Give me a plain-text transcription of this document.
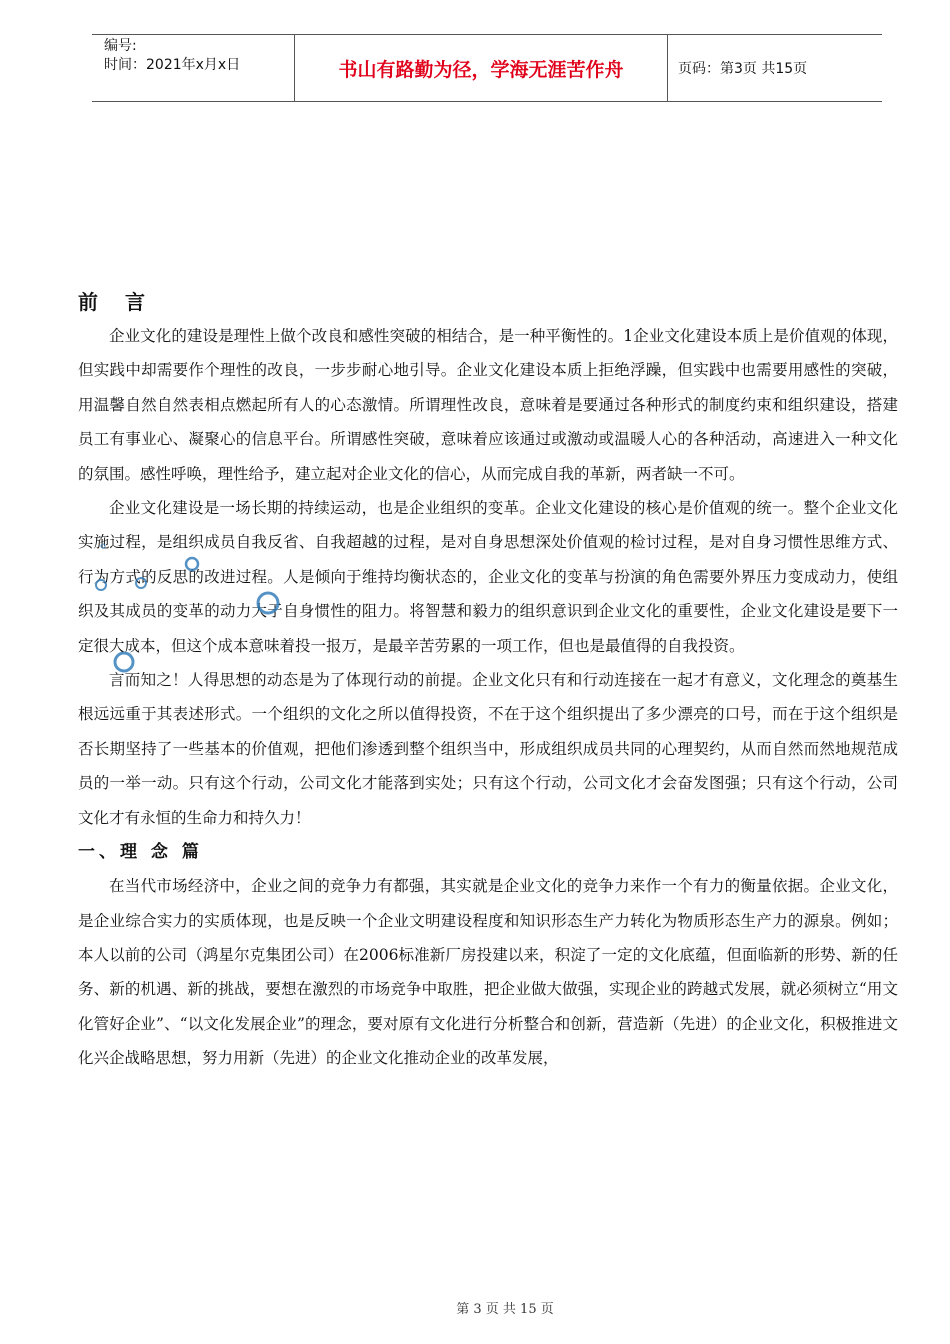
编号:
时间：2021年x月x日	书山有路勤为径，学海无涯苦作舟	页码：第3页 共15页
前 言

企业文化的建设是理性上做个改良和感性突破的相结合，是一种平衡性的。1企业文化建设本质上是价值观的体现，但实践中却需要作个理性的改良，一步步耐心地引导。企业文化建设本质上拒绝浮躁，但实践中也需要用感性的突破，用温馨自然自然表相点燃起所有人的心态激情。所谓理性改良，意味着是要通过各种形式的制度约束和组织建设，搭建员工有事业心、凝聚心的信息平台。所谓感性突破，意味着应该通过或激动或温暖人心的各种活动，高速进入一种文化的氛围。感性呼唤，理性给予，建立起对企业文化的信心，从而完成自我的革新，两者缺一不可。

企业文化建设是一场长期的持续运动，也是企业组织的变革。企业文化建设的核心是价值观的统一。整个企业文化实施过程，是组织成员自我反省、自我超越的过程，是对自身思想深处价值观的检讨过程，是对自身习惯性思维方式、行为方式的反思的改进过程。人是倾向于维持均衡状态的，企业文化的变革与扮演的角色需要外界压力变成动力，使组织及其成员的变革的动力大于自身惯性的阻力。将智慧和毅力的组织意识到企业文化的重要性，企业文化建设是要下一定很大成本，但这个成本意味着投一报万，是最辛苦劳累的一项工作，但也是最值得的自我投资。

言而知之！人得思想的动态是为了体现行动的前提。企业文化只有和行动连接在一起才有意义，文化理念的奠基生根远远重于其表述形式。一个组织的文化之所以值得投资，不在于这个组织提出了多少漂亮的口号，而在于这个组织是否长期坚持了一些基本的价值观，把他们渗透到整个组织当中，形成组织成员共同的心理契约，从而自然而然地规范成员的一举一动。只有这个行动，公司文化才能落到实处；只有这个行动，公司文化才会奋发图强；只有这个行动，公司文化才有永恒的生命力和持久力！

一、理 念 篇

在当代市场经济中，企业之间的竞争力有都强，其实就是企业文化的竞争力来作一个有力的衡量依据。企业文化，是企业综合实力的实质体现，也是反映一个企业文明建设程度和知识形态生产力转化为物质形态生产力的源泉。例如；本人以前的公司（鸿星尔克集团公司）在2006标准新厂房投建以来，积淀了一定的文化底蕴，但面临新的形势、新的任务、新的机遇、新的挑战，要想在激烈的市场竞争中取胜，把企业做大做强，实现企业的跨越式发展，就必须树立“用文化管好企业”、“以文化发展企业”的理念，要对原有文化进行分析整合和创新，营造新（先进）的企业文化，积极推进文化兴企战略思想，努力用新（先进）的企业文化推动企业的改革发展，

第 3 页 共 15 页
